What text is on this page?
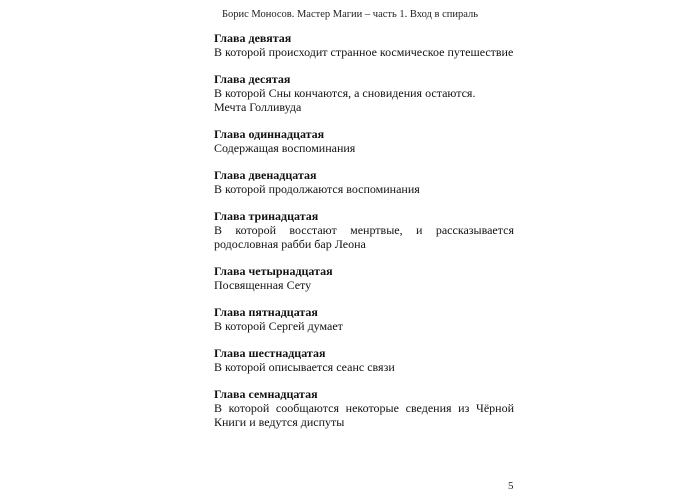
Борис Моносов. Мастер Магии – часть 1. Вход в спираль
Глава девятая
В которой происходит странное космическое путешествие
Глава десятая
В которой Сны кончаются, а сновидения остаются.
Мечта Голливуда
Глава одиннадцатая
Содержащая воспоминания
Глава двенадцатая
В которой продолжаются воспоминания
Глава тринадцатая
В которой восстают менртвые, и рассказывается
родословная рабби бар Леона
Глава четырнадцатая
Посвященная Сету
Глава пятнадцатая
В которой Сергей думает
Глава шестнадцатая
В которой описывается сеанс связи
Глава семнадцатая
В которой сообщаются некоторые сведения из Чёрной
Книги и ведутся диспуты
5
